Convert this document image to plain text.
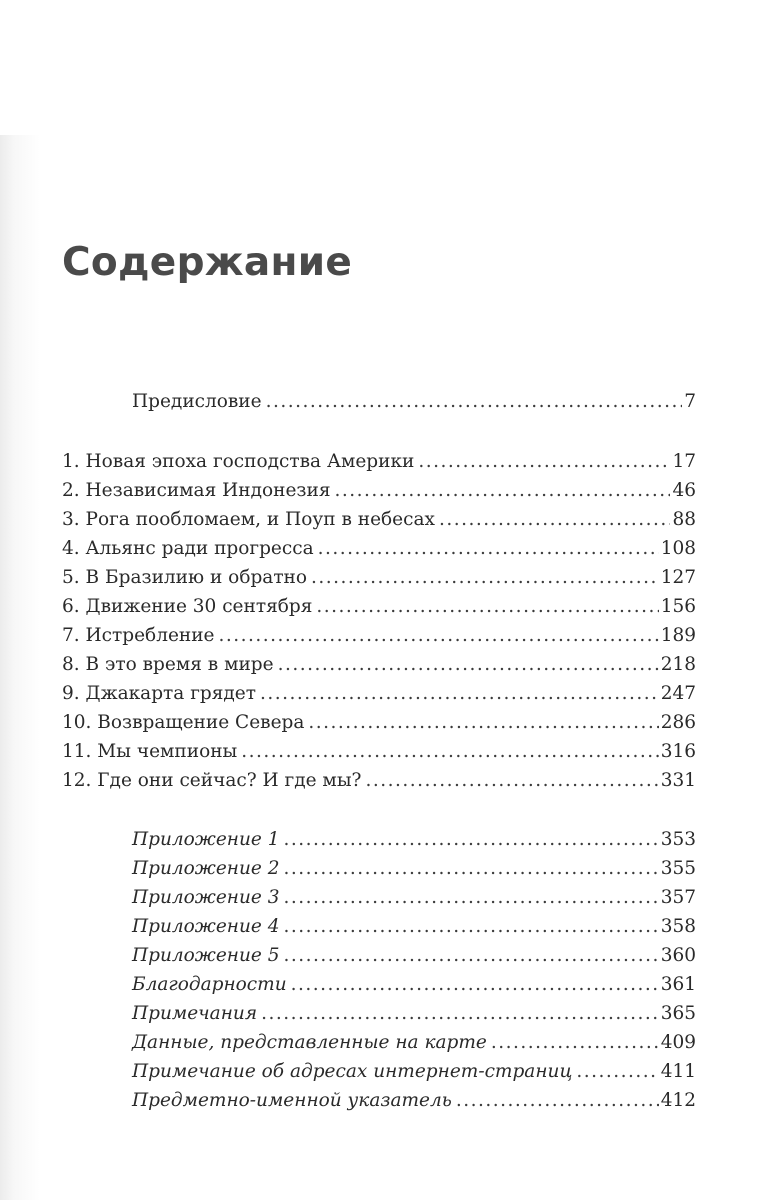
Содержание
Предисловие .....	7
1. Новая эпоха господства Америки .....	17
2. Независимая Индонезия .....	46
3. Рога пообломаем, и Поуп в небесах .....	88
4. Альянс ради прогресса .....	108
5. В Бразилию и обратно .....	127
6. Движение 30 сентября .....	156
7. Истребление .....	189
8. В это время в мире .....	218
9. Джакарта грядет .....	247
10. Возвращение Севера .....	286
11. Мы чемпионы .....	316
12. Где они сейчас? И где мы? .....	331
Приложение 1 .....	353
Приложение 2 .....	355
Приложение 3 .....	357
Приложение 4 .....	358
Приложение 5 .....	360
Благодарности .....	361
Примечания .....	365
Данные, представленные на карте .....	409
Примечание об адресах интернет-страниц .....	411
Предметно-именной указатель .....	412
